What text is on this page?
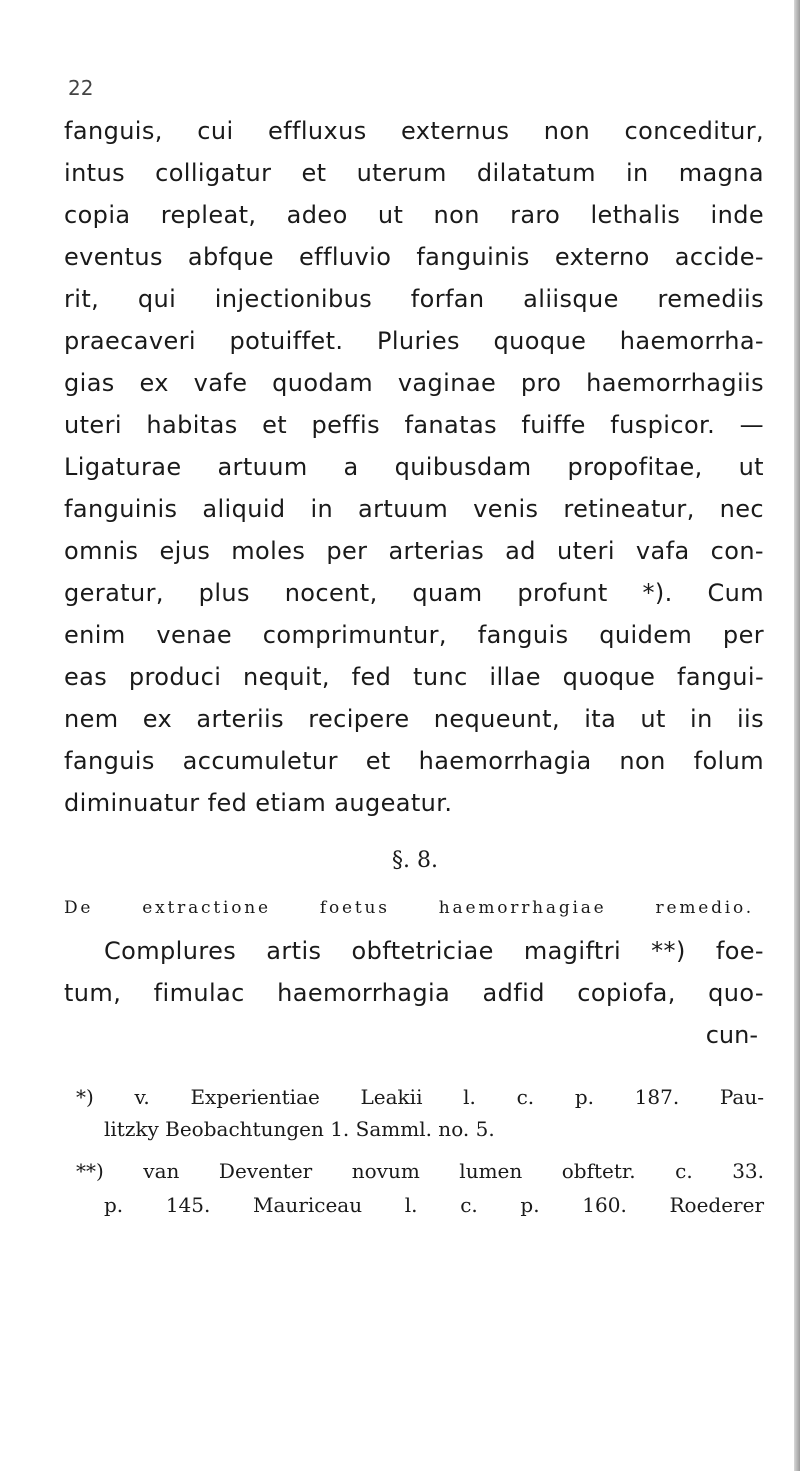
22
fanguis, cui effluxus externus non conceditur,
intus colligatur et uterum dilatatum in magna
copia repleat, adeo ut non raro lethalis inde
eventus abfque effluvio fanguinis externo accide-
rit, qui injectionibus forfan aliisque remediis
praecaveri potuiffet. Pluries quoque haemorrha-
gias ex vafe quodam vaginae pro haemorrhagiis
uteri habitas et peffis fanatas fuiffe fuspicor. —
Ligaturae artuum a quibusdam propofitae, ut
fanguinis aliquid in artuum venis retineatur, nec
omnis ejus moles per arterias ad uteri vafa con-
geratur, plus nocent, quam profunt *). Cum
enim venae comprimuntur, fanguis quidem per
eas produci nequit, fed tunc illae quoque fangui-
nem ex arteriis recipere nequeunt, ita ut in iis
fanguis accumuletur et haemorrhagia non folum
diminuatur fed etiam augeatur.
§. 8.
De extractione foetus haemorrhagiae remedio.
Complures artis obftetriciae magiftri **) foe-
tum, fimulac haemorrhagia adfid copiofa, quo-
cun-
*) v. Experientiae Leakii l. c. p. 187. Pau-
litzky Beobachtungen 1. Samml. no. 5.
**) van Deventer novum lumen obftetr. c. 33.
p. 145. Mauriceau l. c. p. 160. Roederer
